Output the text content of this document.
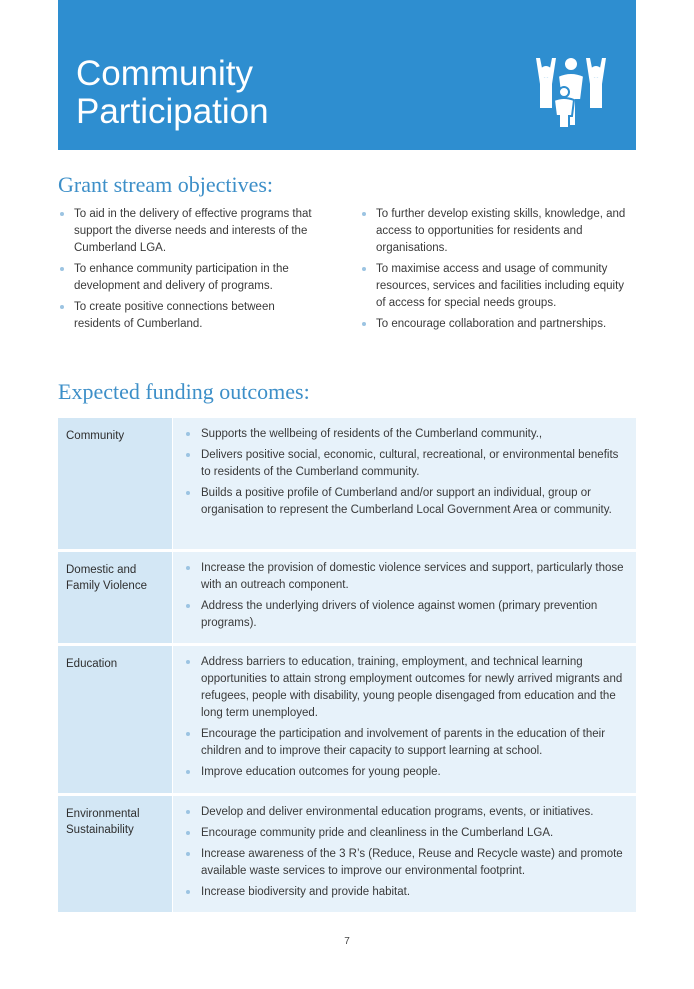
Community
Participation
Grant stream objectives:
To aid in the delivery of effective programs that support the diverse needs and interests of the Cumberland LGA.
To enhance community participation in the development and delivery of programs.
To create positive connections between residents of Cumberland.
To further develop existing skills, knowledge, and access to opportunities for residents and organisations.
To maximise access and usage of community resources, services and facilities including equity of access for special needs groups.
To encourage collaboration and partnerships.
Expected funding outcomes:
Community	Supports the wellbeing of residents of the Cumberland community.,
Delivers positive social, economic, cultural, recreational, or environmental benefits to residents of the Cumberland community.
Builds a positive profile of Cumberland and/or support an individual, group or organisation to represent the Cumberland Local Government Area or community.
Domestic and Family Violence
Increase the provision of domestic violence services and support, particularly those with an outreach component.
Address the underlying drivers of violence against women (primary prevention programs).
Education	Address barriers to education, training, employment, and technical learning opportunities to attain strong employment outcomes for newly arrived migrants and refugees, people with disability, young people disengaged from education and the long term unemployed.
Encourage the participation and involvement of parents in the education of their children and to improve their capacity to support learning at school.
Improve education outcomes for young people.
Environmental Sustainability
Develop and deliver environmental education programs, events, or initiatives.
Encourage community pride and cleanliness in the Cumberland LGA.
Increase awareness of the 3 R’s (Reduce, Reuse and Recycle waste) and promote available waste services to improve our environmental footprint.
Increase biodiversity and provide habitat.
7
